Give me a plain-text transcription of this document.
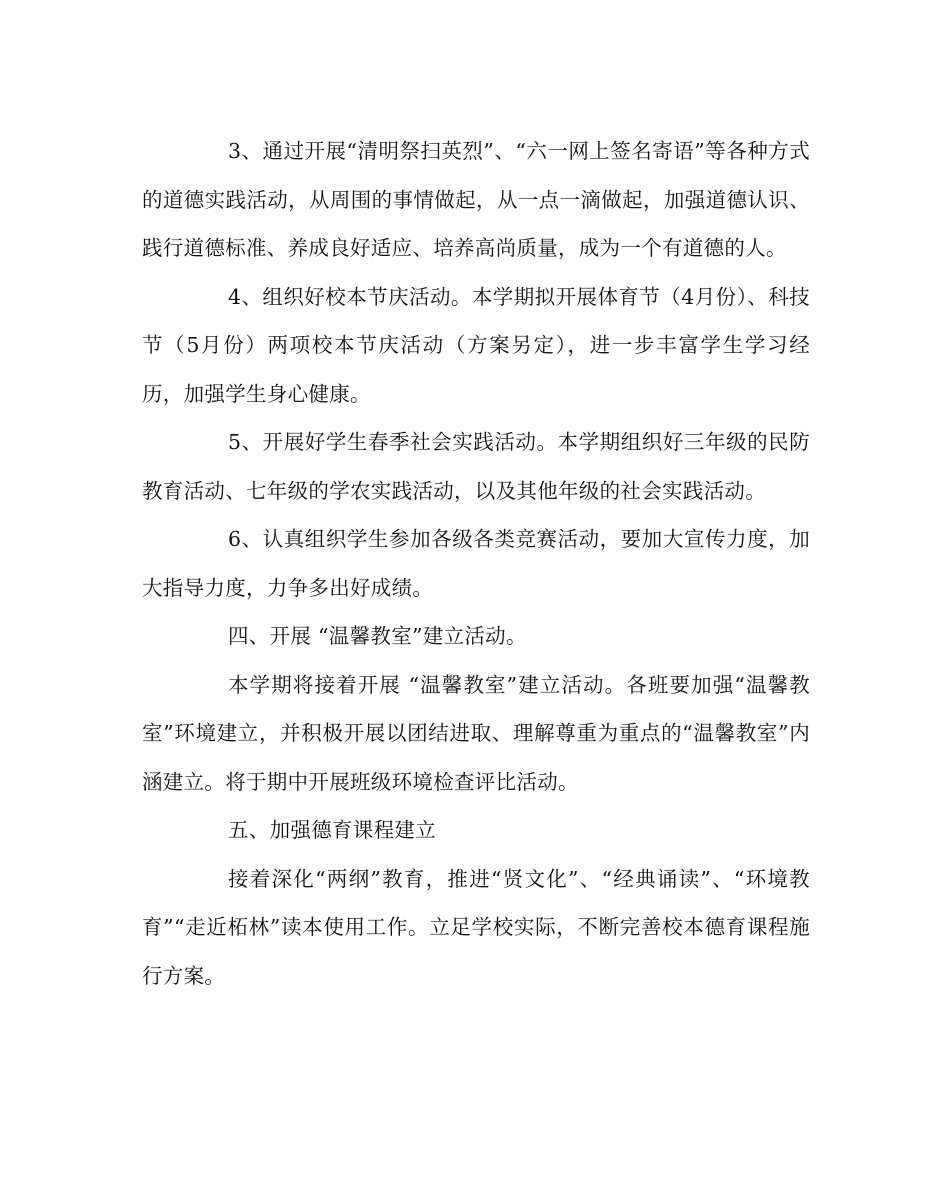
3、通过开展“清明祭扫英烈”、“六一网上签名寄语”等各种方式的道德实践活动，从周围的事情做起，从一点一滴做起，加强道德认识、践行道德标准、养成良好适应、培养高尚质量，成为一个有道德的人。

4、组织好校本节庆活动。本学期拟开展体育节（4月份）、科技节（5月份）两项校本节庆活动（方案另定），进一步丰富学生学习经历，加强学生身心健康。

5、开展好学生春季社会实践活动。本学期组织好三年级的民防教育活动、七年级的学农实践活动，以及其他年级的社会实践活动。

6、认真组织学生参加各级各类竞赛活动，要加大宣传力度，加大指导力度，力争多出好成绩。

四、开展 “温馨教室”建立活动。

本学期将接着开展 “温馨教室”建立活动。各班要加强“温馨教室”环境建立，并积极开展以团结进取、理解尊重为重点的“温馨教室”内涵建立。将于期中开展班级环境检查评比活动。

五、加强德育课程建立

接着深化“两纲”教育，推进“贤文化”、“经典诵读”、“环境教育”“走近柘林”读本使用工作。立足学校实际，不断完善校本德育课程施行方案。
